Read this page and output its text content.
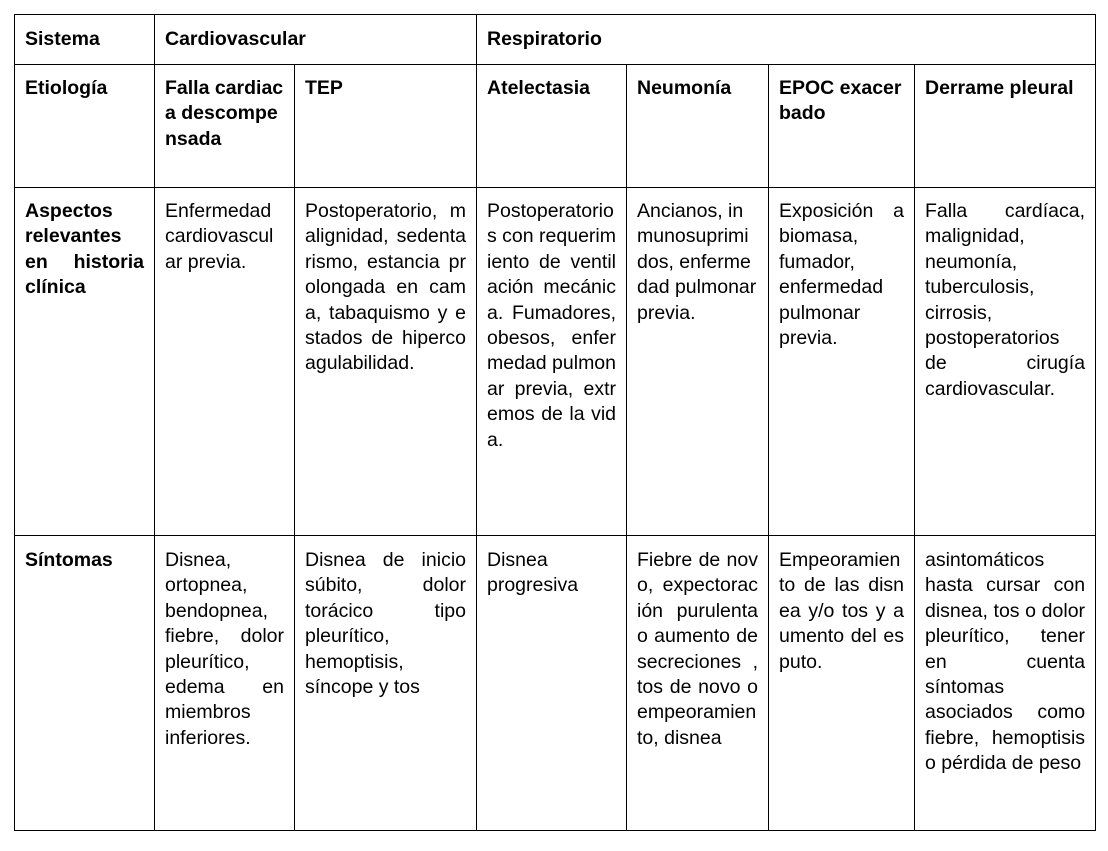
Sistema	Cardiovascular		Respiratorio			
Etiología	Falla cardiaca descompensada	TEP	Atelectasia	Neumonía	EPOC exacerbado	Derrame pleural
Aspectos relevantes en historia clínica	Enfermedad cardiovascular previa.	Postoperatorio, malignidad, sedentarismo, estancia prolongada en cama, tabaquismo y estados de hipercoagulabilidad.	Postoperatorios con requerimiento de ventilación mecánica. Fumadores, obesos, enfermedad pulmonar previa, extremos de la vida.	Ancianos, inmunosuprimidos, enfermedad pulmonar previa.	Exposición a biomasa, fumador, enfermedad pulmonar previa.	Falla cardíaca, malignidad, neumonía, tuberculosis, cirrosis, postoperatorios de cirugía cardiovascular.
Síntomas	Disnea, ortopnea, bendopnea, fiebre, dolor pleurítico, edema en miembros inferiores.	Disnea de inicio súbito, dolor torácico tipo pleurítico, hemoptisis, síncope y tos	Disnea progresiva	Fiebre de novo, expectoración purulenta o aumento de secreciones , tos de novo o empeoramiento, disnea	Empeoramiento de las disnea y/o tos y aumento del esputo.	asintomáticos hasta cursar con disnea, tos o dolor pleurítico, tener en cuenta síntomas asociados como fiebre, hemoptisis o pérdida de peso
